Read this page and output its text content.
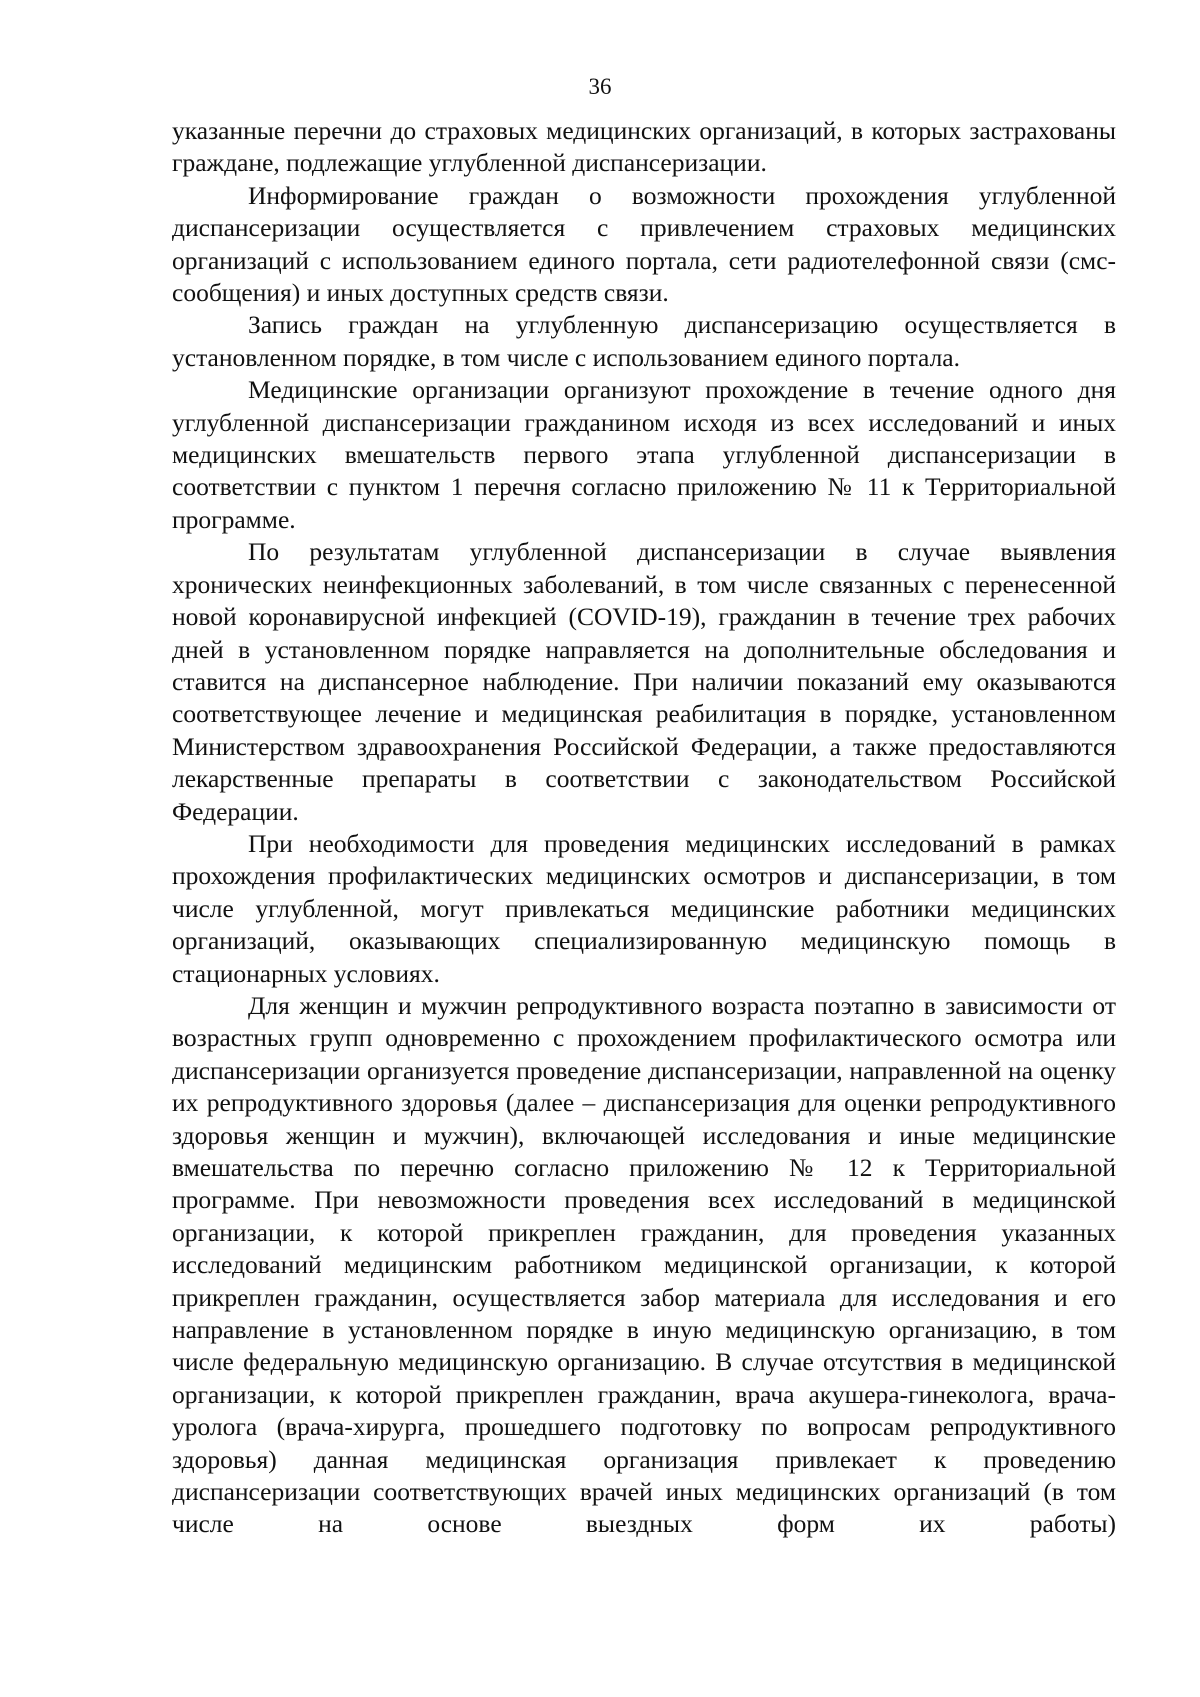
36

указанные перечни до страховых медицинских организаций, в которых застрахованы граждане, подлежащие углубленной диспансеризации.

Информирование граждан о возможности прохождения углубленной диспансеризации осуществляется с привлечением страховых медицинских организаций с использованием единого портала, сети радиотелефонной связи (смс-сообщения) и иных доступных средств связи.

Запись граждан на углубленную диспансеризацию осуществляется в установленном порядке, в том числе с использованием единого портала.

Медицинские организации организуют прохождение в течение одного дня углубленной диспансеризации гражданином исходя из всех исследований и иных медицинских вмешательств первого этапа углубленной диспансеризации в соответствии с пунктом 1 перечня согласно приложению № 11 к Территориальной программе.

По результатам углубленной диспансеризации в случае выявления хронических неинфекционных заболеваний, в том числе связанных с перенесенной новой коронавирусной инфекцией (COVID-19), гражданин в течение трех рабочих дней в установленном порядке направляется на дополнительные обследования и ставится на диспансерное наблюдение. При наличии показаний ему оказываются соответствующее лечение и медицинская реабилитация в порядке, установленном Министерством здравоохранения Российской Федерации, а также предоставляются лекарственные препараты в соответствии с законодательством Российской Федерации.

При необходимости для проведения медицинских исследований в рамках прохождения профилактических медицинских осмотров и диспансеризации, в том числе углубленной, могут привлекаться медицинские работники медицинских организаций, оказывающих специализированную медицинскую помощь в стационарных условиях.

Для женщин и мужчин репродуктивного возраста поэтапно в зависимости от возрастных групп одновременно с прохождением профилактического осмотра или диспансеризации организуется проведение диспансеризации, направленной на оценку их репродуктивного здоровья (далее – диспансеризация для оценки репродуктивного здоровья женщин и мужчин), включающей исследования и иные медицинские вмешательства по перечню согласно приложению № 12 к Территориальной программе. При невозможности проведения всех исследований в медицинской организации, к которой прикреплен гражданин, для проведения указанных исследований медицинским работником медицинской организации, к которой прикреплен гражданин, осуществляется забор материала для исследования и его направление в установленном порядке в иную медицинскую организацию, в том числе федеральную медицинскую организацию. В случае отсутствия в медицинской организации, к которой прикреплен гражданин, врача акушера-гинеколога, врача-уролога (врача-хирурга, прошедшего подготовку по вопросам репродуктивного здоровья) данная медицинская организация привлекает к проведению диспансеризации соответствующих врачей иных медицинских организаций (в том числе на основе выездных форм их работы)
